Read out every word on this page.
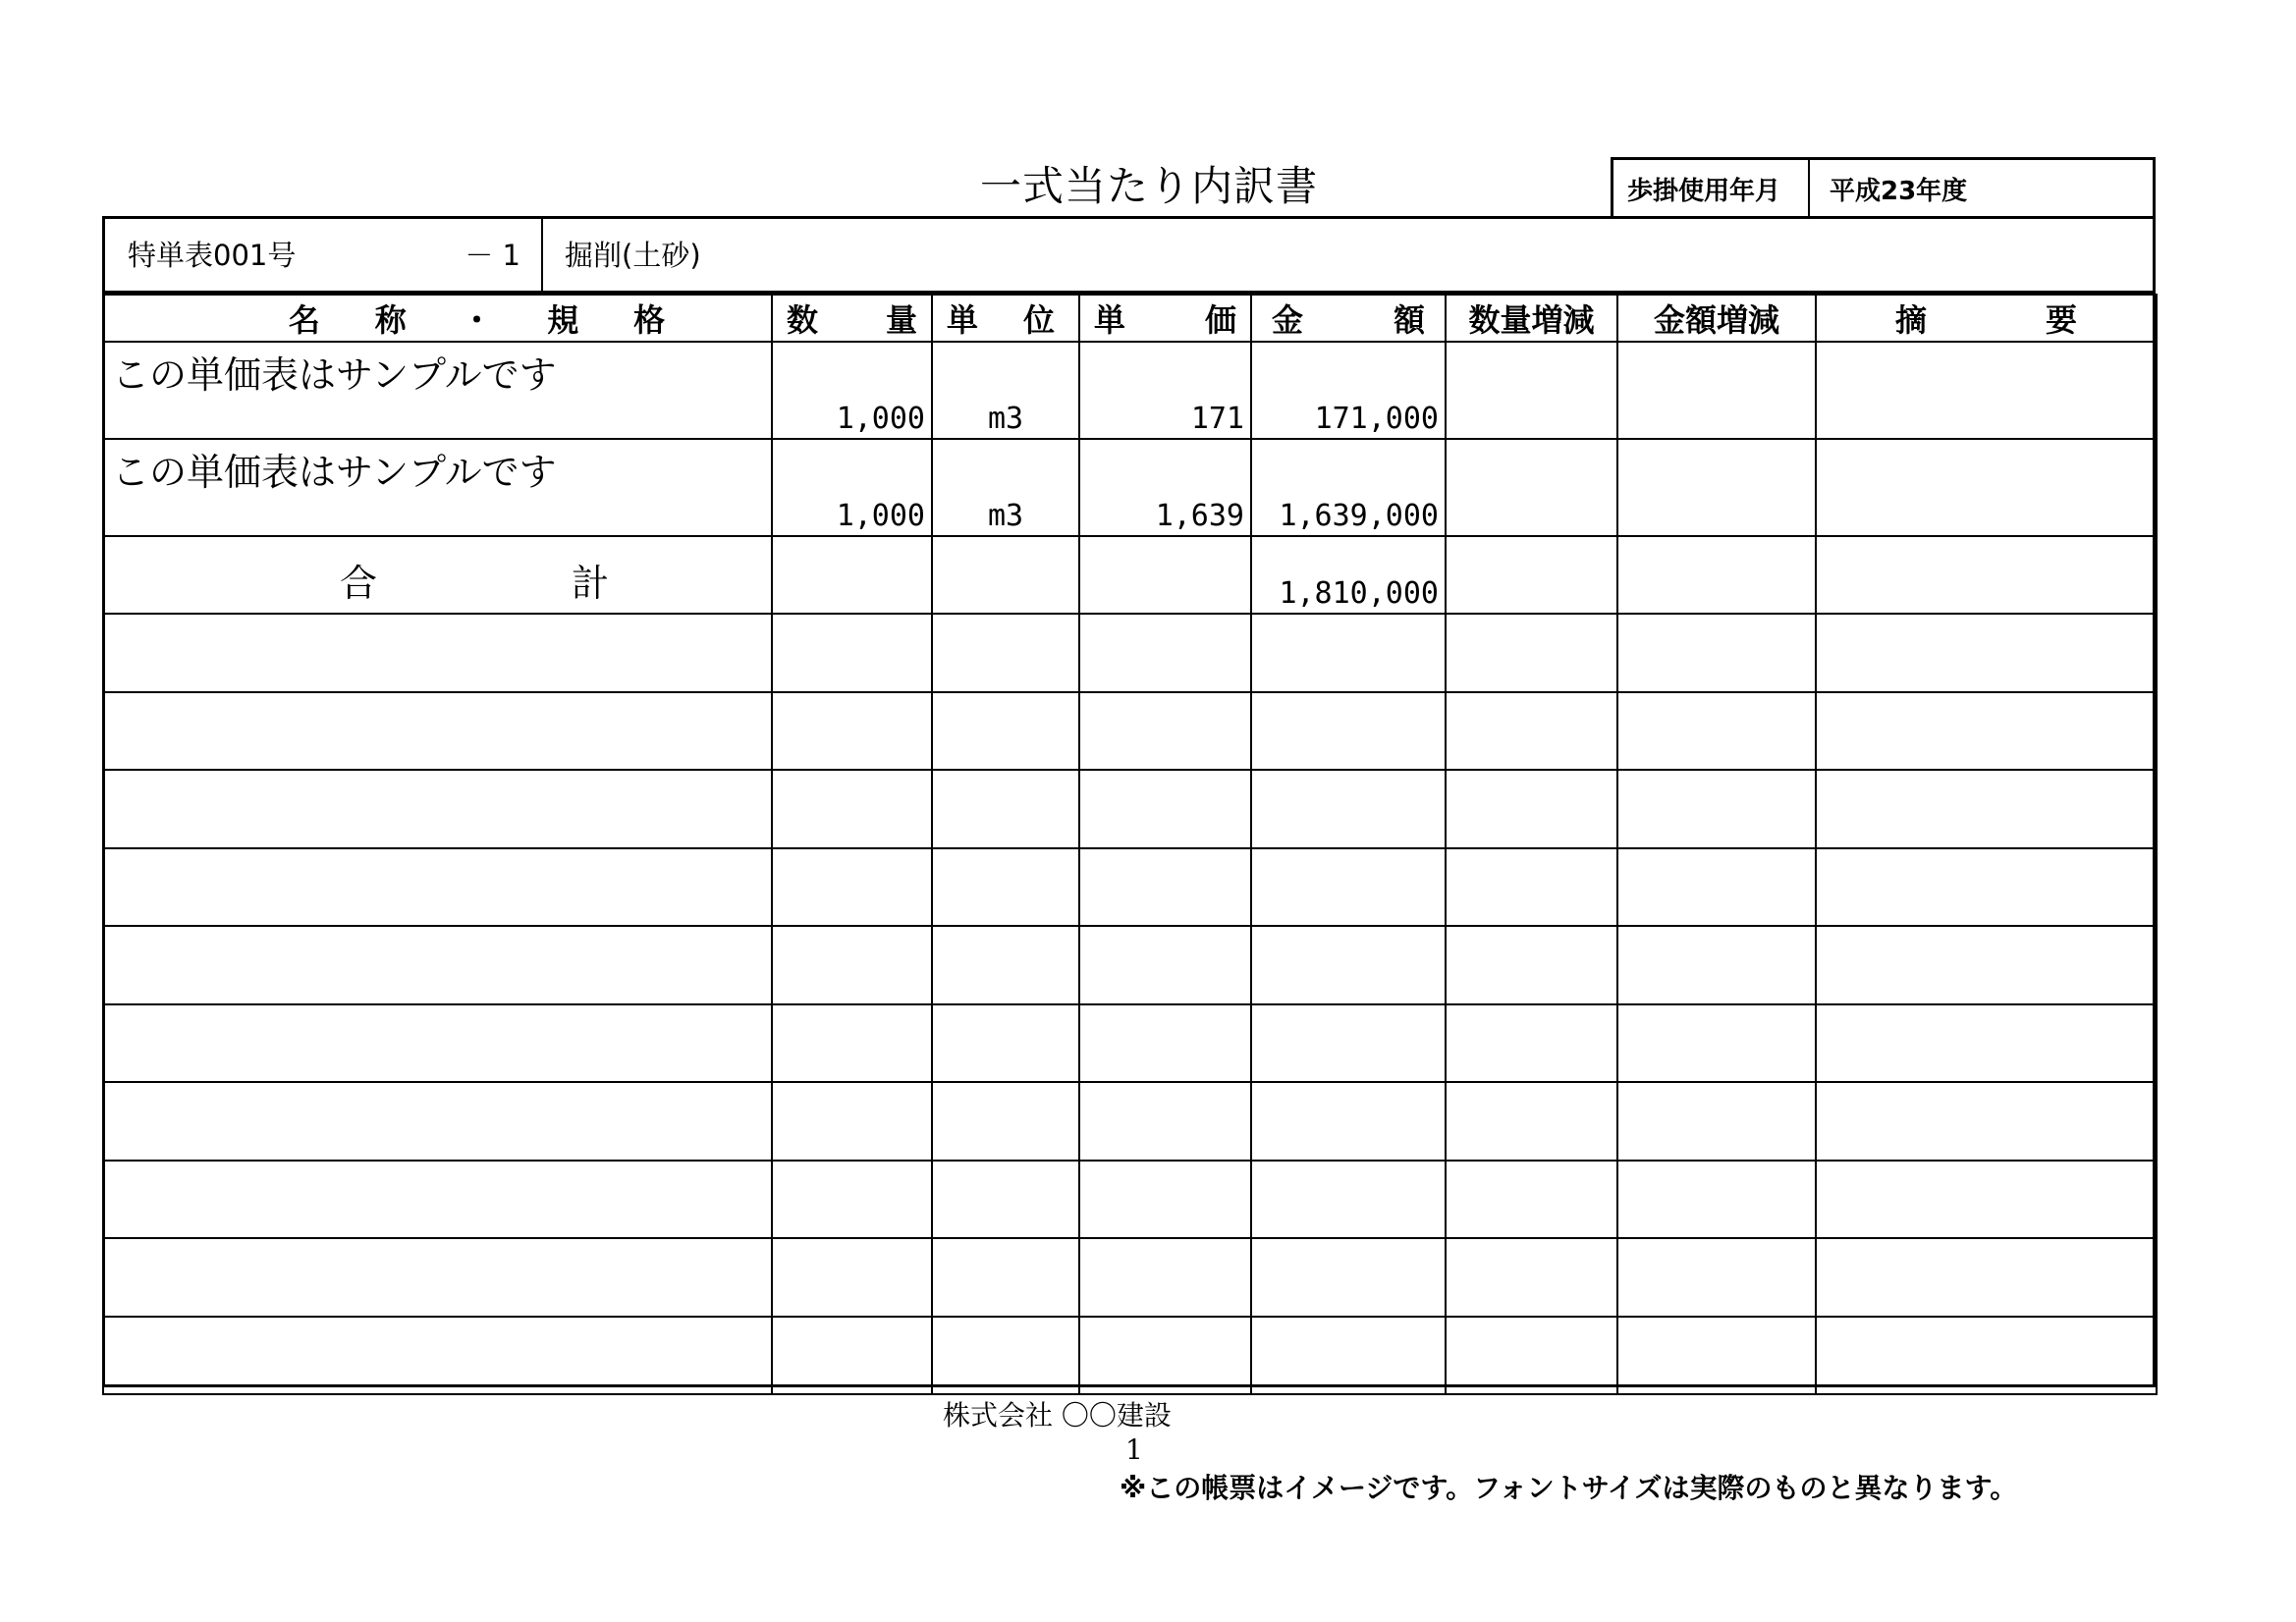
一式当たり内訳書	歩掛使用年月	平成23年度
特単表001号	－ 1	掘削(土砂)
名 称 ・ 規 格	数 量	単 位	単 価	金 額	数量増減	金額増減	摘 要

この単価表はサンプルです	1,000	m3	171	171,000			

この単価表はサンプルです	1,000	m3	1,639	1,639,000			

合 計				1,810,000			

株式会社 〇〇建設
1
※この帳票はイメージです。フォントサイズは実際のものと異なります。
